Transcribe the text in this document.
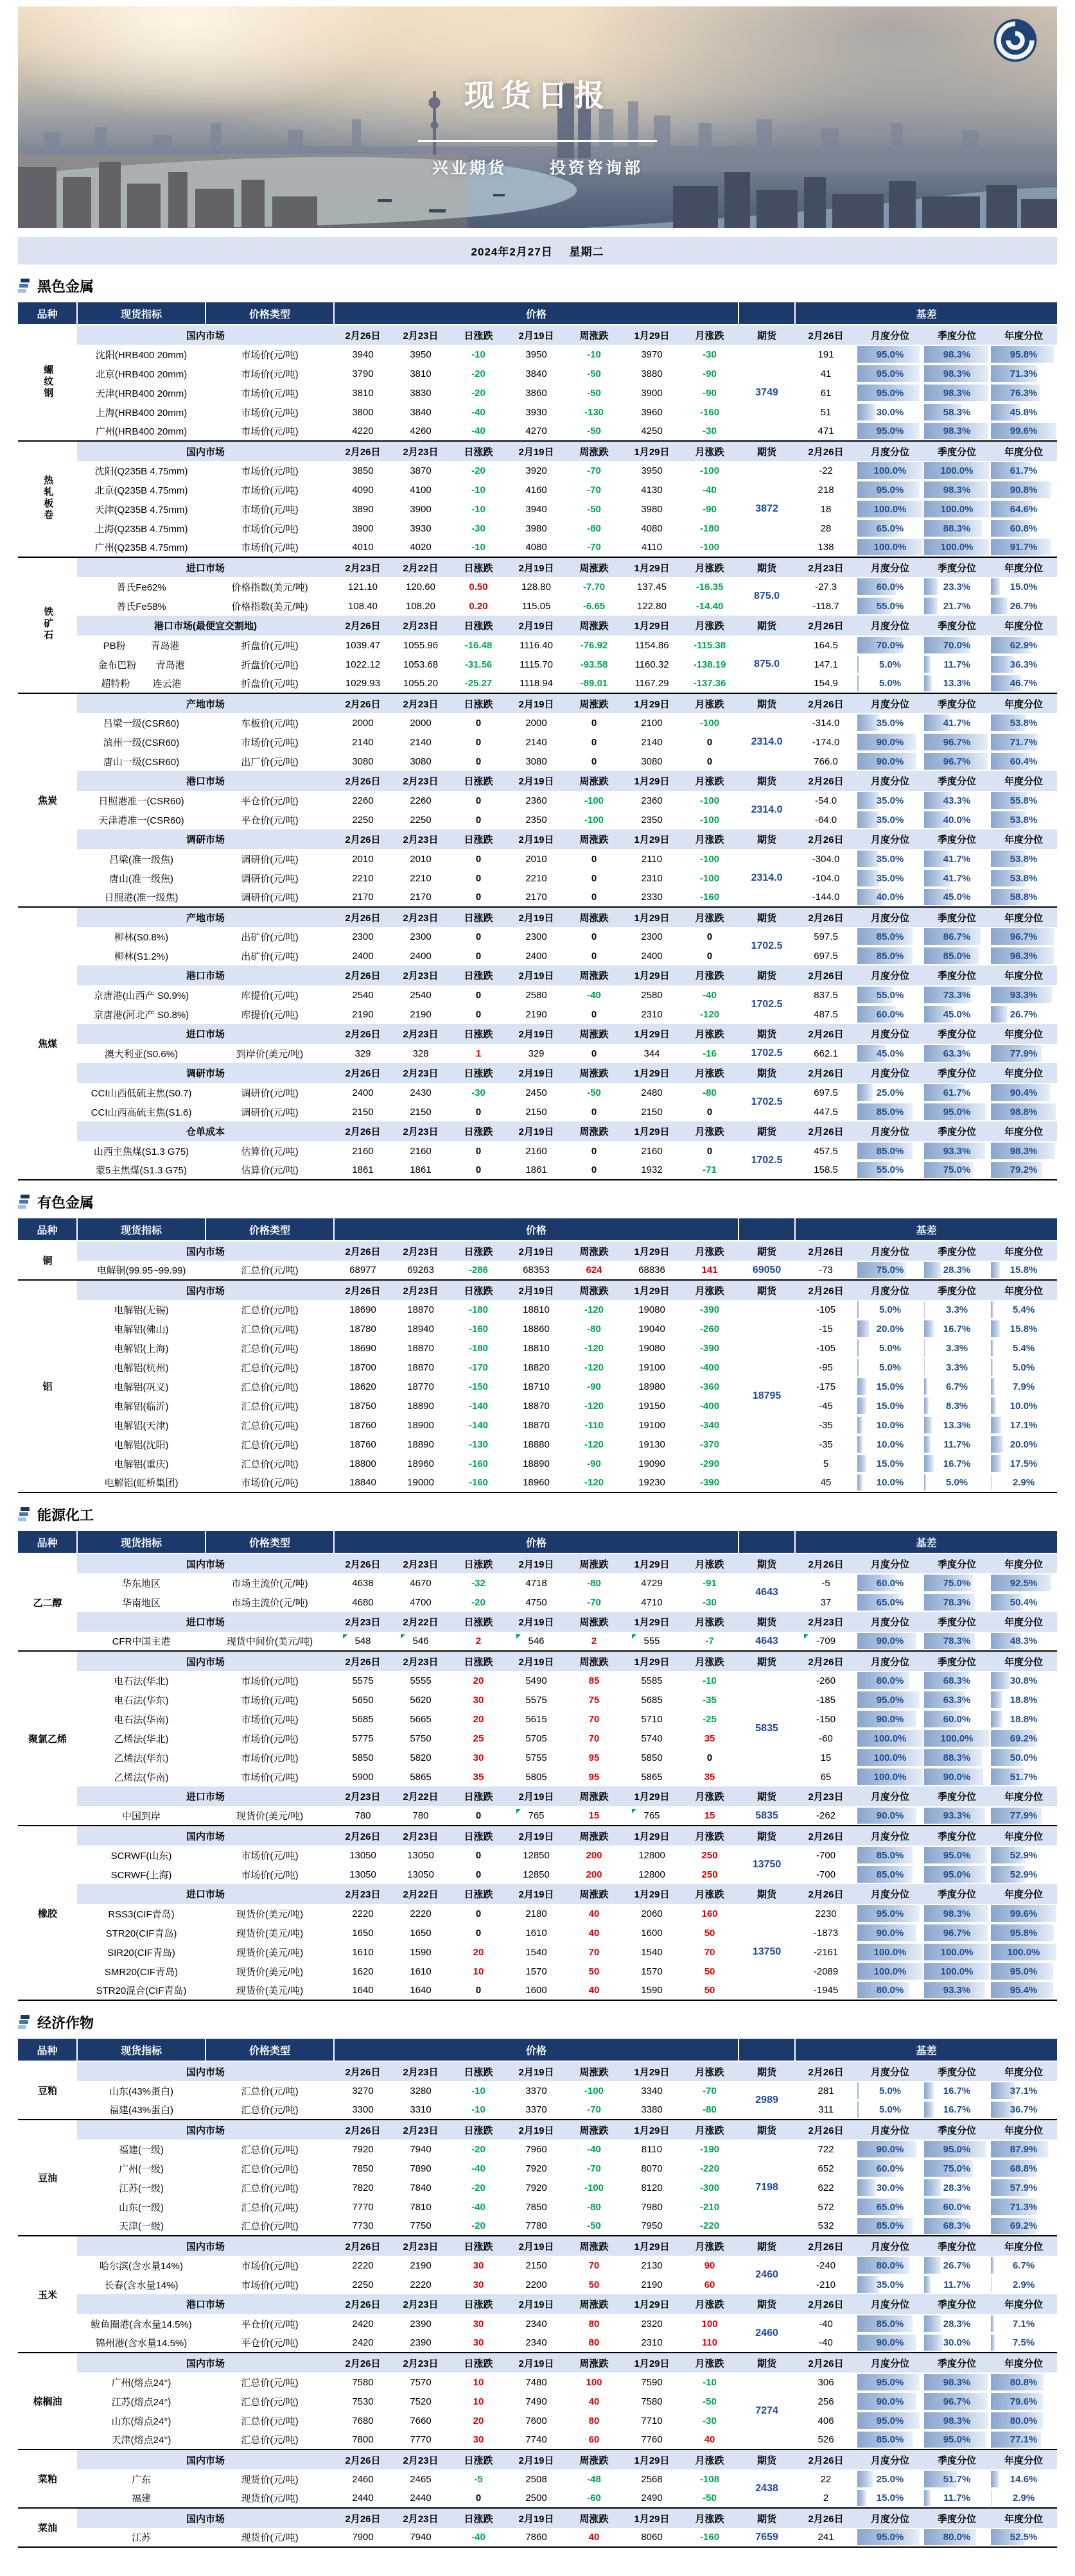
现货日报
兴业期货	投资咨询部
2024年2月27日 星期二
黑色金属
品种	现货指标	价格类型	价格								基差			
螺纹钢	国内市场		2月26日	2月23日	日涨跌	2月19日	周涨跌	1月29日	月涨跌	期货	2月26日	月度分位	季度分位	年度分位
	沈阳(HRB400 20mm)	市场价(元/吨)	3940	3950	-10	3950	-10	3970	-30	3749	191	95.0%	98.3%	95.8%
	北京(HRB400 20mm)	市场价(元/吨)	3790	3810	-20	3840	-50	3880	-90		41	95.0%	98.3%	71.3%
	天津(HRB400 20mm)	市场价(元/吨)	3810	3830	-20	3860	-50	3900	-90		61	95.0%	98.3%	76.3%
	上海(HRB400 20mm)	市场价(元/吨)	3800	3840	-40	3930	-130	3960	-160		51	30.0%	58.3%	45.8%
	广州(HRB400 20mm)	市场价(元/吨)	4220	4260	-40	4270	-50	4250	-30		471	95.0%	98.3%	99.6%
热轧板卷	国内市场		2月26日	2月23日	日涨跌	2月19日	周涨跌	1月29日	月涨跌	期货	2月26日	月度分位	季度分位	年度分位
	沈阳(Q235B 4.75mm)	市场价(元/吨)	3850	3870	-20	3920	-70	3950	-100	3872	-22	100.0%	100.0%	61.7%
	北京(Q235B 4.75mm)	市场价(元/吨)	4090	4100	-10	4160	-70	4130	-40		218	95.0%	98.3%	90.8%
	天津(Q235B 4.75mm)	市场价(元/吨)	3890	3900	-10	3940	-50	3980	-90		18	100.0%	100.0%	64.6%
	上海(Q235B 4.75mm)	市场价(元/吨)	3900	3930	-30	3980	-80	4080	-180		28	65.0%	88.3%	60.8%
	广州(Q235B 4.75mm)	市场价(元/吨)	4010	4020	-10	4080	-70	4110	-100		138	100.0%	100.0%	91.7%
铁矿石	进口市场		2月23日	2月22日	日涨跌	2月19日	周涨跌	1月29日	月涨跌	期货	2月23日	月度分位	季度分位	年度分位
	普氏Fe62%	价格指数(美元/吨)	121.10	120.60	0.50	128.80	-7.70	137.45	-16.35	875.0	-27.3	60.0%	23.3%	15.0%
	普氏Fe58%	价格指数(美元/吨)	108.40	108.20	0.20	115.05	-6.65	122.80	-14.40		-118.7	55.0%	21.7%	26.7%
	港口市场(最便宜交割地)		2月26日	2月23日	日涨跌	2月19日	周涨跌	1月29日	月涨跌	期货	2月26日	月度分位	季度分位	年度分位

	PB粉 青岛港	折盘价(元/吨)	1039.47	1055.96	-16.48	1116.40	-76.92	1154.86	-115.38	875.0	164.5	70.0%	70.0%	62.9%

	金布巴粉 青岛港	折盘价(元/吨)	1022.12	1053.68	-31.56	1115.70	-93.58	1160.32	-138.19		147.1	5.0%	11.7%	36.3%

	超特粉 连云港	折盘价(元/吨)	1029.93	1055.20	-25.27	1118.94	-89.01	1167.29	-137.36		154.9	5.0%	13.3%	46.7%
焦炭	产地市场		2月26日	2月23日	日涨跌	2月19日	周涨跌	1月29日	月涨跌	期货	2月26日	月度分位	季度分位	年度分位
	吕梁一级(CSR60)	车板价(元/吨)	2000	2000	0	2000	0	2100	-100	2314.0	-314.0	35.0%	41.7%	53.8%
	滨州一级(CSR60)	市场价(元/吨)	2140	2140	0	2140	0	2140	0		-174.0	90.0%	96.7%	71.7%
	唐山一级(CSR60)	出厂价(元/吨)	3080	3080	0	3080	0	3080	0		766.0	90.0%	96.7%	60.4%
	港口市场		2月26日	2月23日	日涨跌	2月19日	周涨跌	1月29日	月涨跌	期货	2月26日	月度分位	季度分位	年度分位
	日照港准一(CSR60)	平仓价(元/吨)	2260	2260	0	2360	-100	2360	-100	2314.0	-54.0	35.0%	43.3%	55.8%
	天津港准一(CSR60)	平仓价(元/吨)	2250	2250	0	2350	-100	2350	-100		-64.0	35.0%	40.0%	53.8%
	调研市场		2月26日	2月23日	日涨跌	2月19日	周涨跌	1月29日	月涨跌	期货	2月26日	月度分位	季度分位	年度分位
	吕梁(准一级焦)	调研价(元/吨)	2010	2010	0	2010	0	2110	-100	2314.0	-304.0	35.0%	41.7%	53.8%
	唐山(准一级焦)	调研价(元/吨)	2210	2210	0	2210	0	2310	-100		-104.0	35.0%	41.7%	53.8%
	日照港(准一级焦)	调研价(元/吨)	2170	2170	0	2170	0	2330	-160		-144.0	40.0%	45.0%	58.8%
焦煤	产地市场		2月26日	2月23日	日涨跌	2月19日	周涨跌	1月29日	月涨跌	期货	2月26日	月度分位	季度分位	年度分位
	柳林(S0.8%)	出矿价(元/吨)	2300	2300	0	2300	0	2300	0	1702.5	597.5	85.0%	86.7%	96.7%
	柳林(S1.2%)	出矿价(元/吨)	2400	2400	0	2400	0	2400	0		697.5	85.0%	85.0%	96.3%
	港口市场		2月26日	2月23日	日涨跌	2月19日	周涨跌	1月29日	月涨跌	期货	2月26日	月度分位	季度分位	年度分位
	京唐港(山西产 S0.9%)	库提价(元/吨)	2540	2540	0	2580	-40	2580	-40	1702.5	837.5	55.0%	73.3%	93.3%
	京唐港(河北产 S0.8%)	库提价(元/吨)	2190	2190	0	2190	0	2310	-120		487.5	60.0%	45.0%	26.7%
	进口市场		2月26日	2月23日	日涨跌	2月19日	周涨跌	1月29日	月涨跌	期货	2月26日	月度分位	季度分位	年度分位
	澳大利亚(S0.6%)	到岸价(美元/吨)	329	328	1	329	0	344	-16	1702.5	662.1	45.0%	63.3%	77.9%
	调研市场		2月26日	2月23日	日涨跌	2月19日	周涨跌	1月29日	月涨跌	期货	2月26日	月度分位	季度分位	年度分位
	CCI山西低硫主焦(S0.7)	调研价(元/吨)	2400	2430	-30	2450	-50	2480	-80	1702.5	697.5	25.0%	61.7%	90.4%
	CCI山西高硫主焦(S1.6)	调研价(元/吨)	2150	2150	0	2150	0	2150	0		447.5	85.0%	95.0%	98.8%
	仓单成本		2月26日	2月23日	日涨跌	2月19日	周涨跌	1月29日	月涨跌	期货	2月26日	月度分位	季度分位	年度分位
	山西主焦煤(S1.3 G75)	估算价(元/吨)	2160	2160	0	2160	0	2160	0	1702.5	457.5	85.0%	93.3%	98.3%
	蒙5主焦煤(S1.3 G75)	估算价(元/吨)	1861	1861	0	1861	0	1932	-71		158.5	55.0%	75.0%	79.2%
有色金属
品种	现货指标	价格类型	价格								基差			
铜	国内市场		2月26日	2月23日	日涨跌	2月19日	周涨跌	1月29日	月涨跌	期货	2月26日	月度分位	季度分位	年度分位
	电解铜(99.95~99.99)	汇总价(元/吨)	68977	69263	-286	68353	624	68836	141	69050	-73	75.0%	28.3%	15.8%
铝	国内市场		2月26日	2月23日	日涨跌	2月19日	周涨跌	1月29日	月涨跌	期货	2月26日	月度分位	季度分位	年度分位
	电解铝(无锡)	汇总价(元/吨)	18690	18870	-180	18810	-120	19080	-390	18795	-105	5.0%	3.3%	5.4%
	电解铝(佛山)	汇总价(元/吨)	18780	18940	-160	18860	-80	19040	-260		-15	20.0%	16.7%	15.8%
	电解铝(上海)	汇总价(元/吨)	18690	18870	-180	18810	-120	19080	-390		-105	5.0%	3.3%	5.4%
	电解铝(杭州)	汇总价(元/吨)	18700	18870	-170	18820	-120	19100	-400		-95	5.0%	3.3%	5.0%
	电解铝(巩义)	汇总价(元/吨)	18620	18770	-150	18710	-90	18980	-360		-175	15.0%	6.7%	7.9%
	电解铝(临沂)	汇总价(元/吨)	18750	18890	-140	18870	-120	19150	-400		-45	15.0%	8.3%	10.0%
	电解铝(天津)	汇总价(元/吨)	18760	18900	-140	18870	-110	19100	-340		-35	10.0%	13.3%	17.1%
	电解铝(沈阳)	汇总价(元/吨)	18760	18890	-130	18880	-120	19130	-370		-35	10.0%	11.7%	20.0%
	电解铝(重庆)	汇总价(元/吨)	18800	18960	-160	18890	-90	19090	-290		5	15.0%	16.7%	17.5%
	电解铝(虹桥集团)	市场价(元/吨)	18840	19000	-160	18960	-120	19230	-390		45	10.0%	5.0%	2.9%
能源化工
品种	现货指标	价格类型	价格								基差			
乙二醇	国内市场		2月26日	2月23日	日涨跌	2月19日	周涨跌	1月29日	月涨跌	期货	2月26日	月度分位	季度分位	年度分位
	华东地区	市场主流价(元/吨)	4638	4670	-32	4718	-80	4729	-91	4643	-5	60.0%	75.0%	92.5%
	华南地区	市场主流价(元/吨)	4680	4700	-20	4750	-70	4710	-30		37	65.0%	78.3%	50.4%
	进口市场		2月23日	2月22日	日涨跌	2月19日	周涨跌	1月29日	月涨跌	期货	2月23日	月度分位	季度分位	年度分位
	CFR中国主港	现货中间价(美元/吨)	548	546	2	546	2	555	-7	4643	-709	90.0%	78.3%	48.3%
聚氯乙烯	国内市场		2月26日	2月23日	日涨跌	2月19日	周涨跌	1月29日	月涨跌	期货	2月26日	月度分位	季度分位	年度分位
	电石法(华北)	市场价(元/吨)	5575	5555	20	5490	85	5585	-10	5835	-260	80.0%	68.3%	30.8%
	电石法(华东)	市场价(元/吨)	5650	5620	30	5575	75	5685	-35		-185	95.0%	63.3%	18.8%
	电石法(华南)	市场价(元/吨)	5685	5665	20	5615	70	5710	-25		-150	90.0%	60.0%	18.8%
	乙烯法(华北)	市场价(元/吨)	5775	5750	25	5705	70	5740	35		-60	100.0%	100.0%	69.2%
	乙烯法(华东)	市场价(元/吨)	5850	5820	30	5755	95	5850	0		15	100.0%	88.3%	50.0%
	乙烯法(华南)	市场价(元/吨)	5900	5865	35	5805	95	5865	35		65	100.0%	90.0%	51.7%
	进口市场		2月23日	2月22日	日涨跌	2月19日	周涨跌	1月29日	月涨跌	期货	2月23日	月度分位	季度分位	年度分位
	中国到岸	现货价(美元/吨)	780	780	0	765	15	765	15	5835	-262	90.0%	93.3%	77.9%
橡胶	国内市场		2月26日	2月23日	日涨跌	2月19日	周涨跌	1月29日	月涨跌	期货	2月26日	月度分位	季度分位	年度分位
	SCRWF(山东)	市场价(元/吨)	13050	13050	0	12850	200	12800	250	13750	-700	85.0%	95.0%	52.9%
	SCRWF(上海)	市场价(元/吨)	13050	13050	0	12850	200	12800	250		-700	85.0%	95.0%	52.9%
	进口市场		2月23日	2月22日	日涨跌	2月19日	周涨跌	1月29日	月涨跌	期货	2月26日	月度分位	季度分位	年度分位
	RSS3(CIF青岛)	现货价(美元/吨)	2220	2220	0	2180	40	2060	160	13750	2230	95.0%	98.3%	99.6%
	STR20(CIF青岛)	现货价(美元/吨)	1650	1650	0	1610	40	1600	50		-1873	90.0%	96.7%	95.8%
	SIR20(CIF青岛)	现货价(美元/吨)	1610	1590	20	1540	70	1540	70		-2161	100.0%	100.0%	100.0%
	SMR20(CIF青岛)	现货价(美元/吨)	1620	1610	10	1570	50	1570	50		-2089	100.0%	100.0%	95.0%
	STR20混合(CIF青岛)	现货价(美元/吨)	1640	1640	0	1600	40	1590	50		-1945	80.0%	93.3%	95.4%
经济作物
品种	现货指标	价格类型	价格								基差			
豆粕	国内市场		2月26日	2月23日	日涨跌	2月19日	周涨跌	1月29日	月涨跌	期货	2月26日	月度分位	季度分位	年度分位
	山东(43%蛋白)	汇总价(元/吨)	3270	3280	-10	3370	-100	3340	-70	2989	281	5.0%	16.7%	37.1%
	福建(43%蛋白)	汇总价(元/吨)	3300	3310	-10	3370	-70	3380	-80		311	5.0%	16.7%	36.7%
豆油	国内市场		2月26日	2月23日	日涨跌	2月19日	周涨跌	1月29日	月涨跌	期货	2月26日	月度分位	季度分位	年度分位
	福建(一级)	汇总价(元/吨)	7920	7940	-20	7960	-40	8110	-190	7198	722	90.0%	95.0%	87.9%
	广州(一级)	汇总价(元/吨)	7850	7890	-40	7920	-70	8070	-220		652	60.0%	75.0%	68.8%
	江苏(一级)	汇总价(元/吨)	7820	7840	-20	7920	-100	8120	-300		622	30.0%	28.3%	57.9%
	山东(一级)	汇总价(元/吨)	7770	7810	-40	7850	-80	7980	-210		572	65.0%	60.0%	71.3%
	天津(一级)	汇总价(元/吨)	7730	7750	-20	7780	-50	7950	-220		532	85.0%	68.3%	69.2%
玉米	国内市场		2月26日	2月23日	日涨跌	2月19日	周涨跌	1月29日	月涨跌	期货	2月26日	月度分位	季度分位	年度分位
	哈尔滨(含水量14%)	市场价(元/吨)	2220	2190	30	2150	70	2130	90	2460	-240	80.0%	26.7%	6.7%
	长春(含水量14%)	市场价(元/吨)	2250	2220	30	2200	50	2190	60		-210	35.0%	11.7%	2.9%
	港口市场		2月26日	2月23日	日涨跌	2月19日	周涨跌	1月29日	月涨跌	期货	2月26日	月度分位	季度分位	年度分位
	鲅鱼圈港(含水量14.5%)	平仓价(元/吨)	2420	2390	30	2340	80	2320	100	2460	-40	85.0%	28.3%	7.1%
	锦州港(含水量14.5%)	平仓价(元/吨)	2420	2390	30	2340	80	2310	110		-40	90.0%	30.0%	7.5%
棕榈油	国内市场		2月26日	2月23日	日涨跌	2月19日	周涨跌	1月29日	月涨跌	期货	2月26日	月度分位	季度分位	年度分位
	广州(熔点24°)	汇总价(元/吨)	7580	7570	10	7480	100	7590	-10	7274	306	95.0%	98.3%	80.8%
	江苏(熔点24°)	汇总价(元/吨)	7530	7520	10	7490	40	7580	-50		256	90.0%	96.7%	79.6%
	山东(熔点24°)	汇总价(元/吨)	7680	7660	20	7600	80	7710	-30		406	95.0%	98.3%	80.0%
	天津(熔点24°)	汇总价(元/吨)	7800	7770	30	7740	60	7760	40		526	85.0%	95.0%	77.1%
菜粕	国内市场		2月26日	2月23日	日涨跌	2月19日	周涨跌	1月29日	月涨跌	期货	2月26日	月度分位	季度分位	年度分位
	广东	现货价(元/吨)	2460	2465	-5	2508	-48	2568	-108	2438	22	25.0%	51.7%	14.6%
	福建	现货价(元/吨)	2440	2440	0	2500	-60	2490	-50		2	15.0%	11.7%	2.9%
菜油	国内市场		2月26日	2月23日	日涨跌	2月19日	周涨跌	1月29日	月涨跌	期货	2月26日	月度分位	季度分位	年度分位
	江苏	现货价(元/吨)	7900	7940	-40	7860	40	8060	-160	7659	241	95.0%	80.0%	52.5%
